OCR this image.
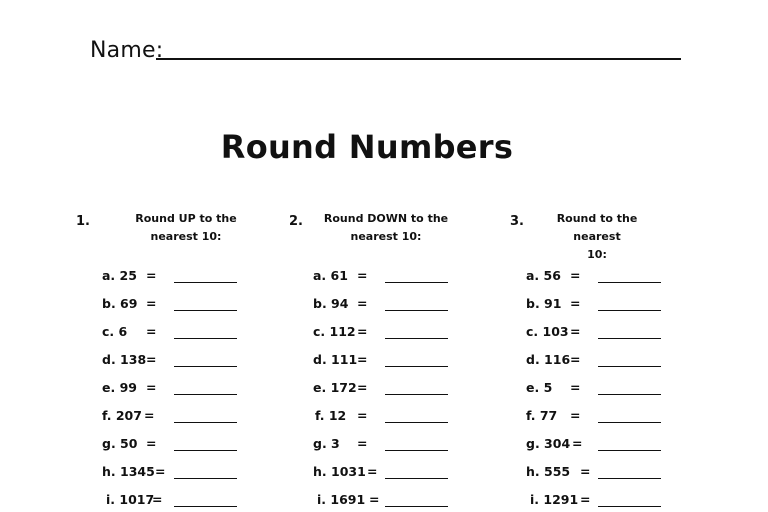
Name:
Round Numbers
1.	Round UP to the
nearest 10:
a. 25 =
b. 69 =
c. 6 =
d. 138 =
e. 99 =
f. 207 =
g. 50 =
h. 1345 =
i. 1017
=
2. Round DOWN to the
nearest 10:
a. 61 =
b. 94 =
c. 112 =
d. 111 =
e. 172 =
f. 12 =
g. 3 =
h. 1031 =
i. 1691 =
3.	Round to the nearest
10:
a. 56 =
b. 91 =
c. 103 =
d. 116 =
e. 5 =
f. 77 =
g. 304 =
h. 555 =
i. 1291 =
